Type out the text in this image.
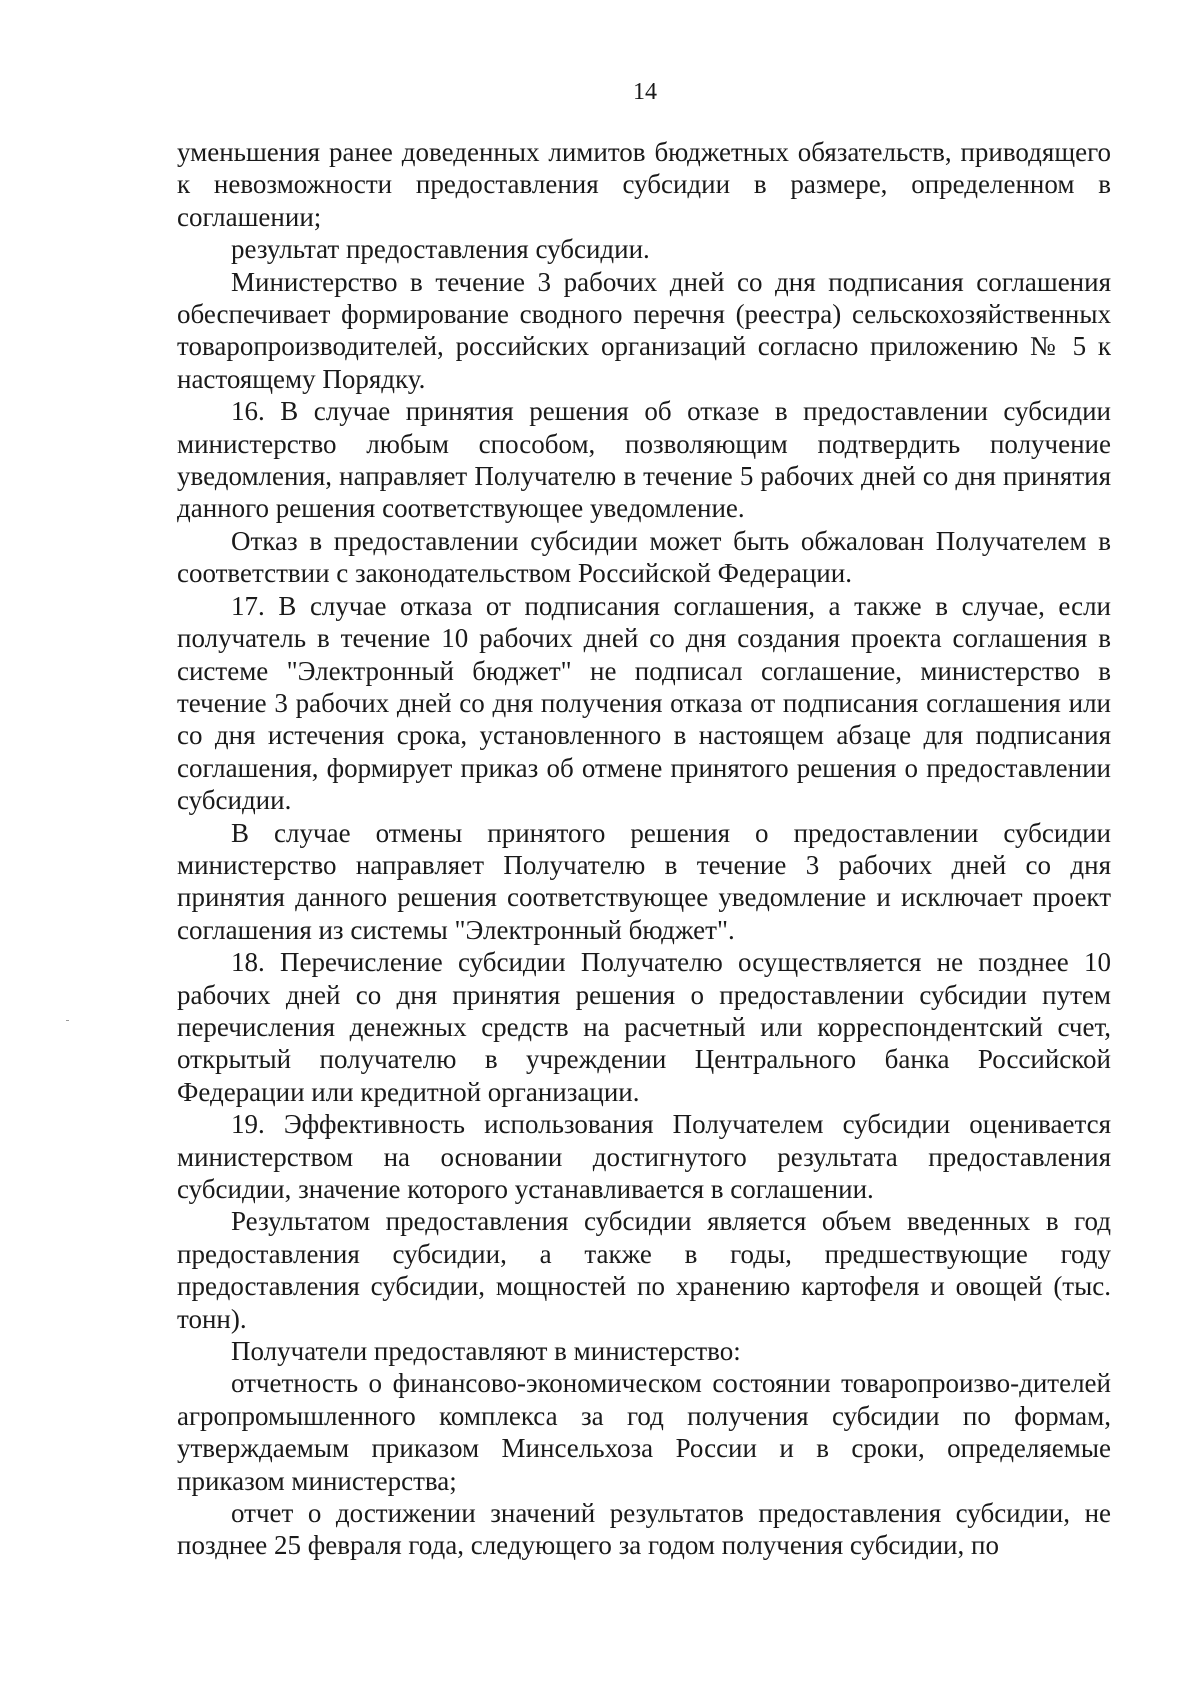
14

уменьшения ранее доведенных лимитов бюджетных обязательств, приводящего к невозможности предоставления субсидии в размере, определенном в соглашении;

результат предоставления субсидии.

Министерство в течение 3 рабочих дней со дня подписания соглашения обеспечивает формирование сводного перечня (реестра) сельскохозяйственных товаропроизводителей, российских организаций согласно приложению № 5 к настоящему Порядку.

16. В случае принятия решения об отказе в предоставлении субсидии министерство любым способом, позволяющим подтвердить получение уведомления, направляет Получателю в течение 5 рабочих дней со дня принятия данного решения соответствующее уведомление.

Отказ в предоставлении субсидии может быть обжалован Получателем в соответствии с законодательством Российской Федерации.

17. В случае отказа от подписания соглашения, а также в случае, если получатель в течение 10 рабочих дней со дня создания проекта соглашения в системе "Электронный бюджет" не подписал соглашение, министерство в течение 3 рабочих дней со дня получения отказа от подписания соглашения или со дня истечения срока, установленного в настоящем абзаце для подписания соглашения, формирует приказ об отмене принятого решения о предоставлении субсидии.

В случае отмены принятого решения о предоставлении субсидии министерство направляет Получателю в течение 3 рабочих дней со дня принятия данного решения соответствующее уведомление и исключает проект соглашения из системы "Электронный бюджет".

18. Перечисление субсидии Получателю осуществляется не позднее 10 рабочих дней со дня принятия решения о предоставлении субсидии путем перечисления денежных средств на расчетный или корреспондентский счет, открытый получателю в учреждении Центрального банка Российской Федерации или кредитной организации.

19. Эффективность использования Получателем субсидии оценивается министерством на основании достигнутого результата предоставления субсидии, значение которого устанавливается в соглашении.

Результатом предоставления субсидии является объем введенных в год предоставления субсидии, а также в годы, предшествующие году предоставления субсидии, мощностей по хранению картофеля и овощей (тыс. тонн).

Получатели предоставляют в министерство:

отчетность о финансово-экономическом состоянии товаропроизво-дителей агропромышленного комплекса за год получения субсидии по формам, утверждаемым приказом Минсельхоза России и в сроки, определяемые приказом министерства;

отчет о достижении значений результатов предоставления субсидии, не позднее 25 февраля года, следующего за годом получения субсидии, по
